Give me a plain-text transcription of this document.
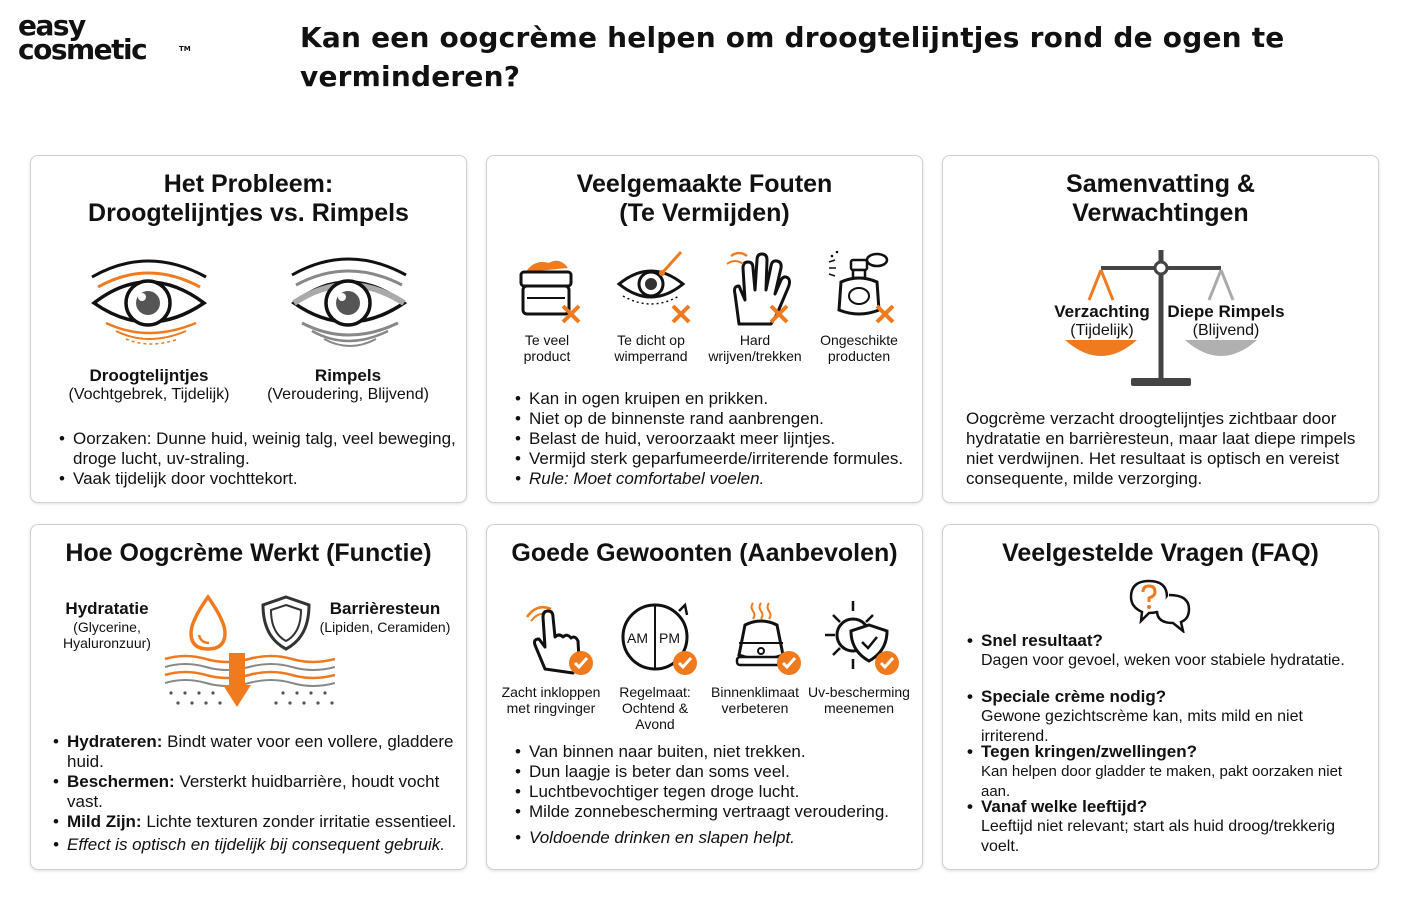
easy
cosmetic	TM	Kan een oogcrème helpen om droogtelijntjes rond de ogen te verminderen?
Het Probleem:
Droogtelijntjes vs. Rimpels
Droogtelijntjes
(Vochtgebrek, Tijdelijk)
Rimpels
(Veroudering, Blijvend)
• Oorzaken: Dunne huid, weinig talg, veel beweging, droge lucht, uv-straling.
• Vaak tijdelijk door vochttekort.
Veelgemaakte Fouten
(Te Vermijden)
Te veel
product
Te dicht op
wimperrand
Hard
wrijven/trekken
Ongeschikte
producten
• Kan in ogen kruipen en prikken.
• Niet op de binnenste rand aanbrengen.
• Belast de huid, veroorzaakt meer lijntjes.
• Vermijd sterk geparfumeerde/irriterende formules.
• Rule: Moet comfortabel voelen.
Samenvatting &
Verwachtingen
Verzachting
(Tijdelijk)
Diepe Rimpels
(Blijvend)

Oogcrème verzacht droogtelijntjes zichtbaar door hydratatie en barrièresteun, maar laat diepe rimpels niet verdwijnen. Het resultaat is optisch en vereist consequente, milde verzorging.

Hoe Oogcrème Werkt (Functie)
Hydratatie
(Glycerine,
Hyaluronzuur)
Barrièresteun
(Lipiden, Ceramiden)
• Hydrateren: Bindt water voor een vollere, gladdere huid.
• Beschermen: Versterkt huidbarrière, houdt vocht vast.
• Mild Zijn: Lichte texturen zonder irritatie essentieel.
• Effect is optisch en tijdelijk bij consequent gebruik.
Goede Gewoonten (Aanbevolen)
AM PM
Zacht inkloppen
met ringvinger
Regelmaat:
Ochtend & Avond
Binnenklimaat
verbeteren
Uv-bescherming
meenemen
• Van binnen naar buiten, niet trekken.
• Dun laagje is beter dan soms veel.
• Luchtbevochtiger tegen droge lucht.
• Milde zonnebescherming vertraagt veroudering.
• Voldoende drinken en slapen helpt.
Veelgestelde Vragen (FAQ)
• Snel resultaat?
Dagen voor gevoel, weken voor stabiele hydratatie.
• Speciale crème nodig?
Gewone gezichtscrème kan, mits mild en niet irriterend.
• Tegen kringen/zwellingen?
Kan helpen door gladder te maken, pakt oorzaken niet aan.
• Vanaf welke leeftijd?
Leeftijd niet relevant; start als huid droog/trekkerig voelt.
